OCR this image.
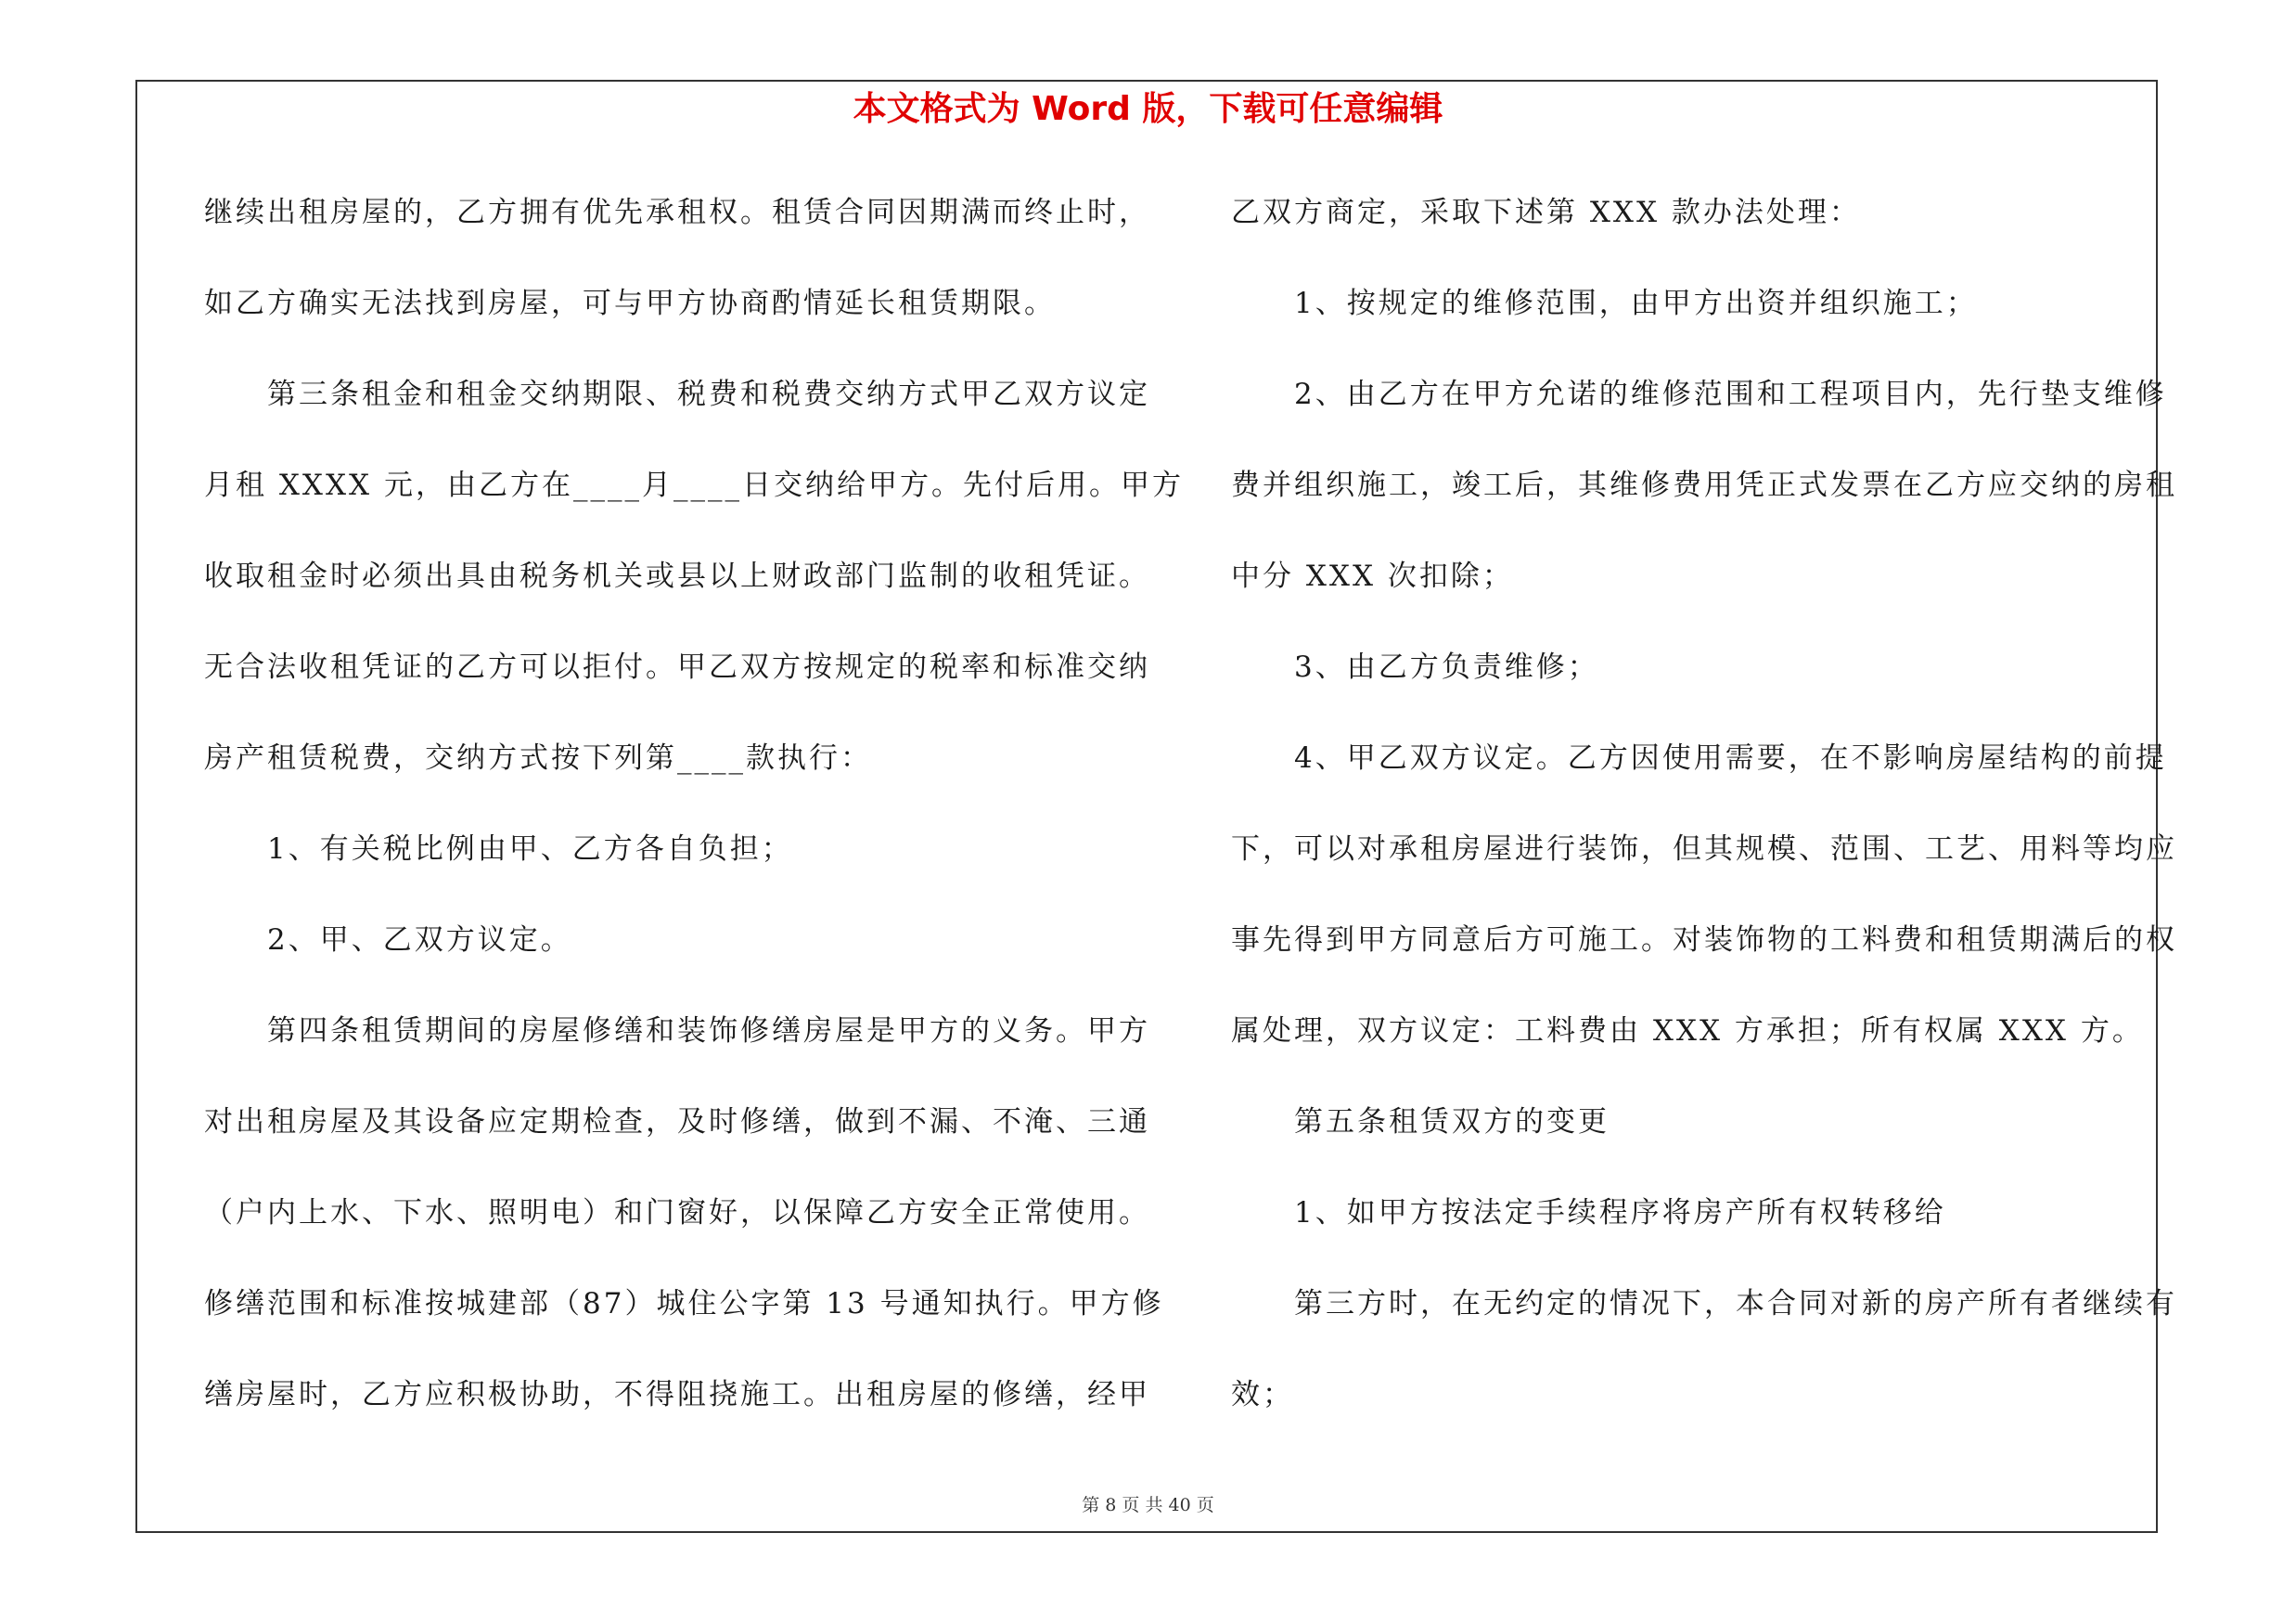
本文格式为 Word 版，下载可任意编辑
继续出租房屋的，乙方拥有优先承租权。租赁合同因期满而终止时，
如乙方确实无法找到房屋，可与甲方协商酌情延长租赁期限。
第三条租金和租金交纳期限、税费和税费交纳方式甲乙双方议定
月租 XXXX 元，由乙方在____月____日交纳给甲方。先付后用。甲方
收取租金时必须出具由税务机关或县以上财政部门监制的收租凭证。
无合法收租凭证的乙方可以拒付。甲乙双方按规定的税率和标准交纳
房产租赁税费，交纳方式按下列第____款执行：
1、有关税比例由甲、乙方各自负担；
2、甲、乙双方议定。
第四条租赁期间的房屋修缮和装饰修缮房屋是甲方的义务。甲方
对出租房屋及其设备应定期检查，及时修缮，做到不漏、不淹、三通
（户内上水、下水、照明电）和门窗好，以保障乙方安全正常使用。
修缮范围和标准按城建部（87）城住公字第 13 号通知执行。甲方修
缮房屋时，乙方应积极协助，不得阻挠施工。出租房屋的修缮，经甲
乙双方商定，采取下述第 XXX 款办法处理：
1、按规定的维修范围，由甲方出资并组织施工；
2、由乙方在甲方允诺的维修范围和工程项目内，先行垫支维修
费并组织施工，竣工后，其维修费用凭正式发票在乙方应交纳的房租
中分 XXX 次扣除；
3、由乙方负责维修；
4、甲乙双方议定。乙方因使用需要，在不影响房屋结构的前提
下，可以对承租房屋进行装饰，但其规模、范围、工艺、用料等均应
事先得到甲方同意后方可施工。对装饰物的工料费和租赁期满后的权
属处理，双方议定：工料费由 XXX 方承担；所有权属 XXX 方。
第五条租赁双方的变更
1、如甲方按法定手续程序将房产所有权转移给
第三方时，在无约定的情况下，本合同对新的房产所有者继续有
效；
第 8 页 共 40 页
